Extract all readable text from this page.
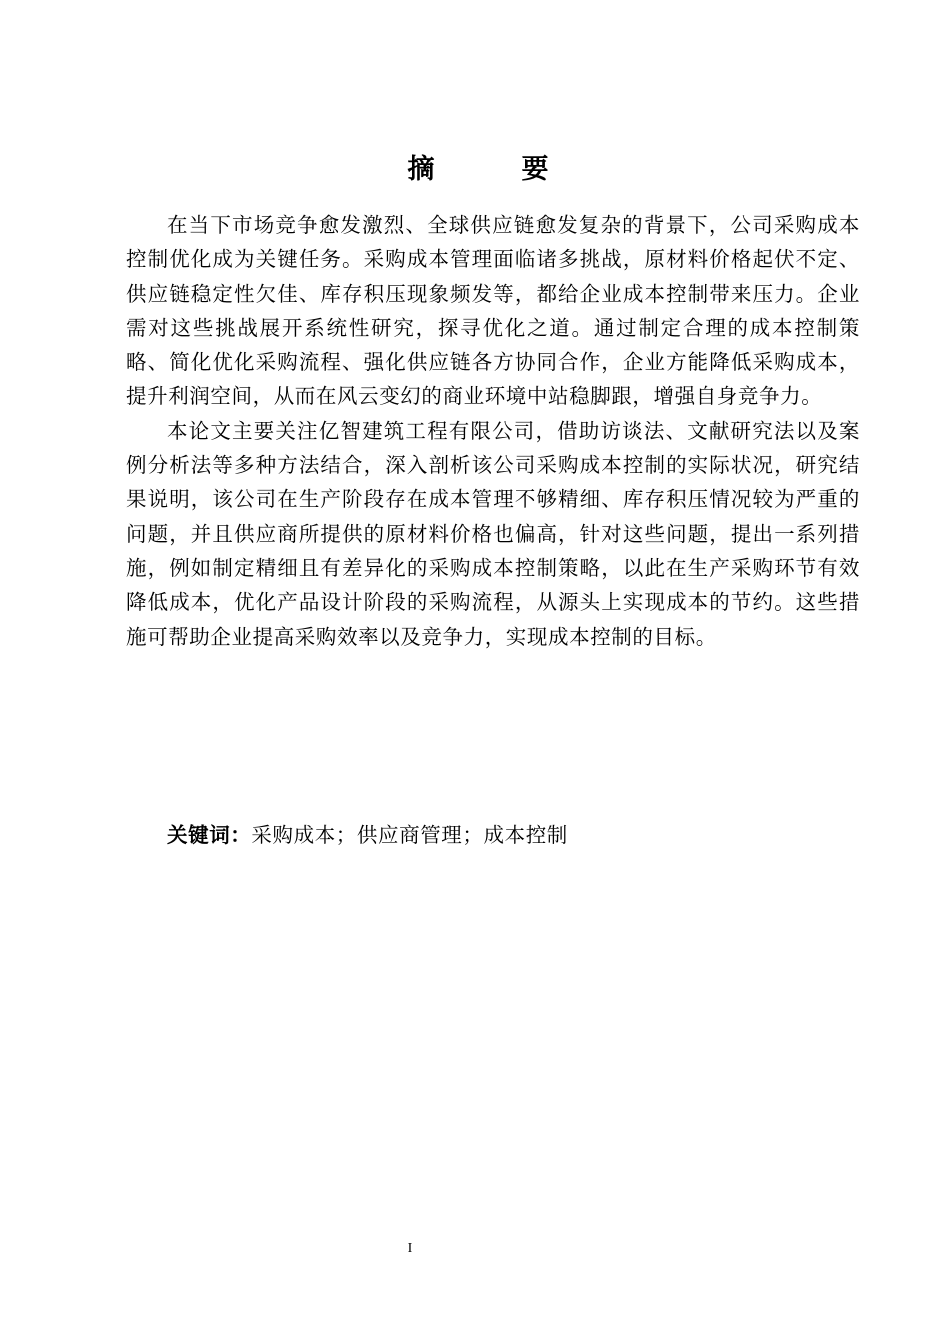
摘　要

在当下市场竞争愈发激烈、全球供应链愈发复杂的背景下，公司采购成本控制优化成为关键任务。采购成本管理面临诸多挑战，原材料价格起伏不定、供应链稳定性欠佳、库存积压现象频发等，都给企业成本控制带来压力。企业需对这些挑战展开系统性研究，探寻优化之道。通过制定合理的成本控制策略、简化优化采购流程、强化供应链各方协同合作，企业方能降低采购成本，提升利润空间，从而在风云变幻的商业环境中站稳脚跟，增强自身竞争力。

本论文主要关注亿智建筑工程有限公司，借助访谈法、文献研究法以及案例分析法等多种方法结合，深入剖析该公司采购成本控制的实际状况，研究结果说明，该公司在生产阶段存在成本管理不够精细、库存积压情况较为严重的问题，并且供应商所提供的原材料价格也偏高，针对这些问题，提出一系列措施，例如制定精细且有差异化的采购成本控制策略，以此在生产采购环节有效降低成本，优化产品设计阶段的采购流程，从源头上实现成本的节约。这些措施可帮助企业提高采购效率以及竞争力，实现成本控制的目标。

关键词：采购成本；供应商管理；成本控制
I
